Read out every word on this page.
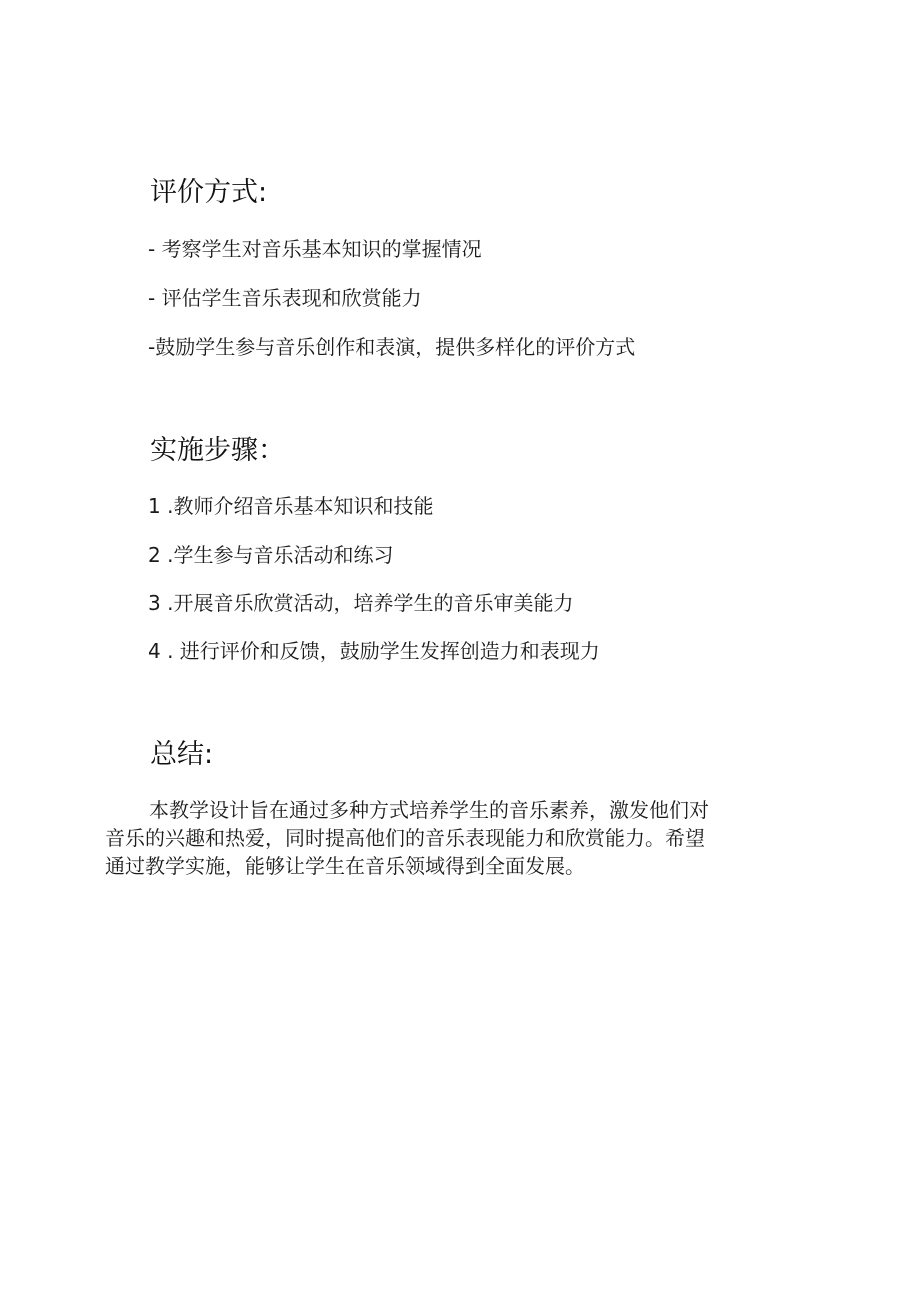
评价方式:
- 考察学生对音乐基本知识的掌握情况
- 评估学生音乐表现和欣赏能力
-鼓励学生参与音乐创作和表演，提供多样化的评价方式
实施步骤：
1 .教师介绍音乐基本知识和技能
2 .学生参与音乐活动和练习
3 .开展音乐欣赏活动，培养学生的音乐审美能力
4 . 进行评价和反馈，鼓励学生发挥创造力和表现力
总结:
本教学设计旨在通过多种方式培养学生的音乐素养，激发他们对
音乐的兴趣和热爱，同时提高他们的音乐表现能力和欣赏能力。希望
通过教学实施，能够让学生在音乐领域得到全面发展。
